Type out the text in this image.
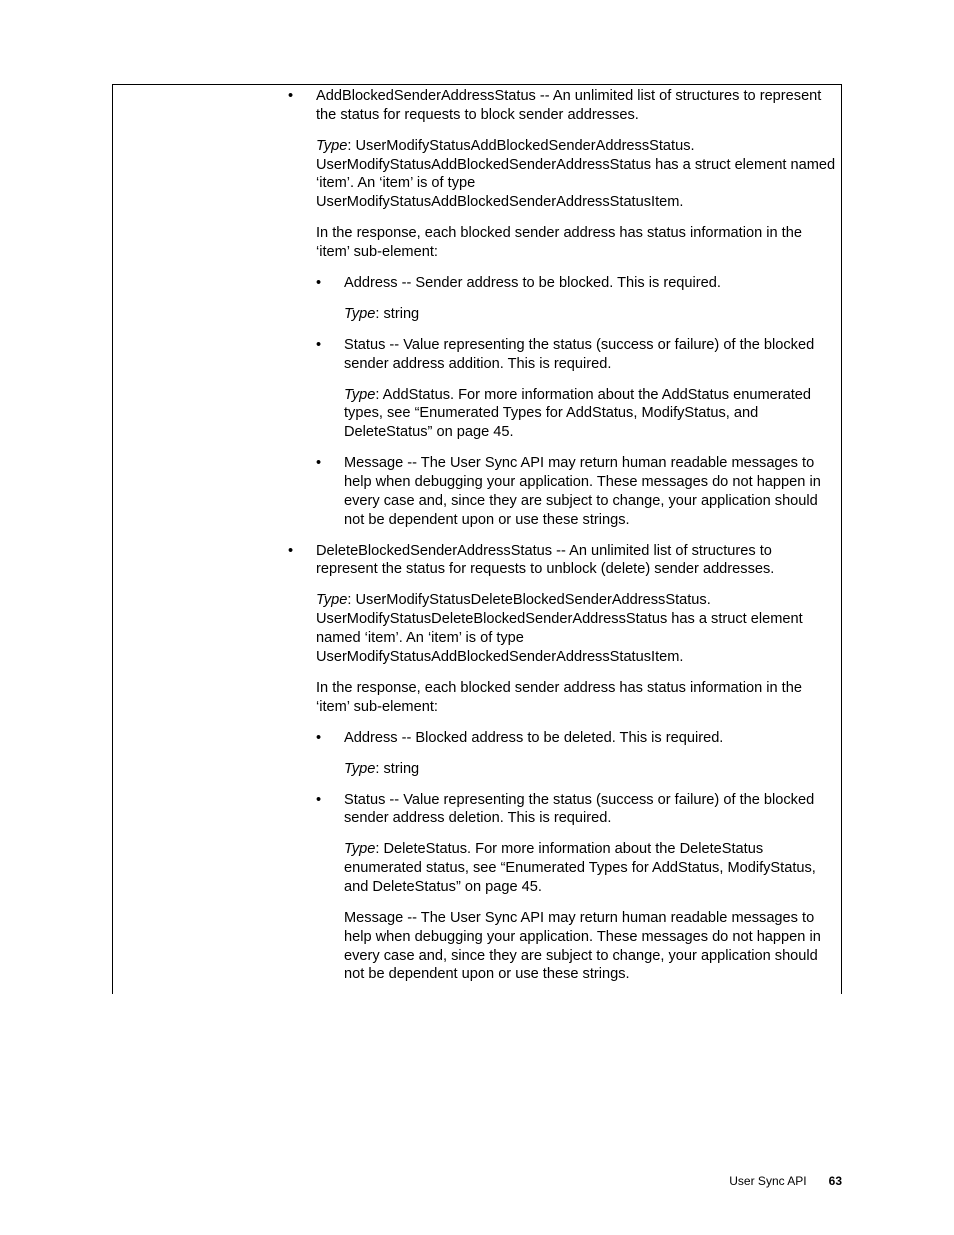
• AddBlockedSenderAddressStatus -- An unlimited list of structures to represent the status for requests to block sender addresses.

Type: UserModifyStatusAddBlockedSenderAddressStatus. UserModifyStatusAddBlockedSenderAddressStatus has a struct element named ‘item’. An ‘item’ is of type UserModifyStatusAddBlockedSenderAddressStatusItem.

In the response, each blocked sender address has status information in the ‘item’ sub-element:

• Address -- Sender address to be blocked. This is required.

Type: string

• Status -- Value representing the status (success or failure) of the blocked sender address addition. This is required.

Type: AddStatus. For more information about the AddStatus enumerated types, see “Enumerated Types for AddStatus, ModifyStatus, and DeleteStatus” on page 45.

• Message -- The User Sync API may return human readable messages to help when debugging your application. These messages do not happen in every case and, since they are subject to change, your application should not be dependent upon or use these strings.

• DeleteBlockedSenderAddressStatus -- An unlimited list of structures to represent the status for requests to unblock (delete) sender addresses.

Type: UserModifyStatusDeleteBlockedSenderAddressStatus. UserModifyStatusDeleteBlockedSenderAddressStatus has a struct element named ‘item’. An ‘item’ is of type UserModifyStatusAddBlockedSenderAddressStatusItem.

In the response, each blocked sender address has status information in the ‘item’ sub-element:

• Address -- Blocked address to be deleted. This is required.

Type: string

• Status -- Value representing the status (success or failure) of the blocked sender address deletion. This is required.

Type: DeleteStatus. For more information about the DeleteStatus enumerated status, see “Enumerated Types for AddStatus, ModifyStatus, and DeleteStatus” on page 45.

Message -- The User Sync API may return human readable messages to help when debugging your application. These messages do not happen in every case and, since they are subject to change, your application should not be dependent upon or use these strings.

User Sync API 63
